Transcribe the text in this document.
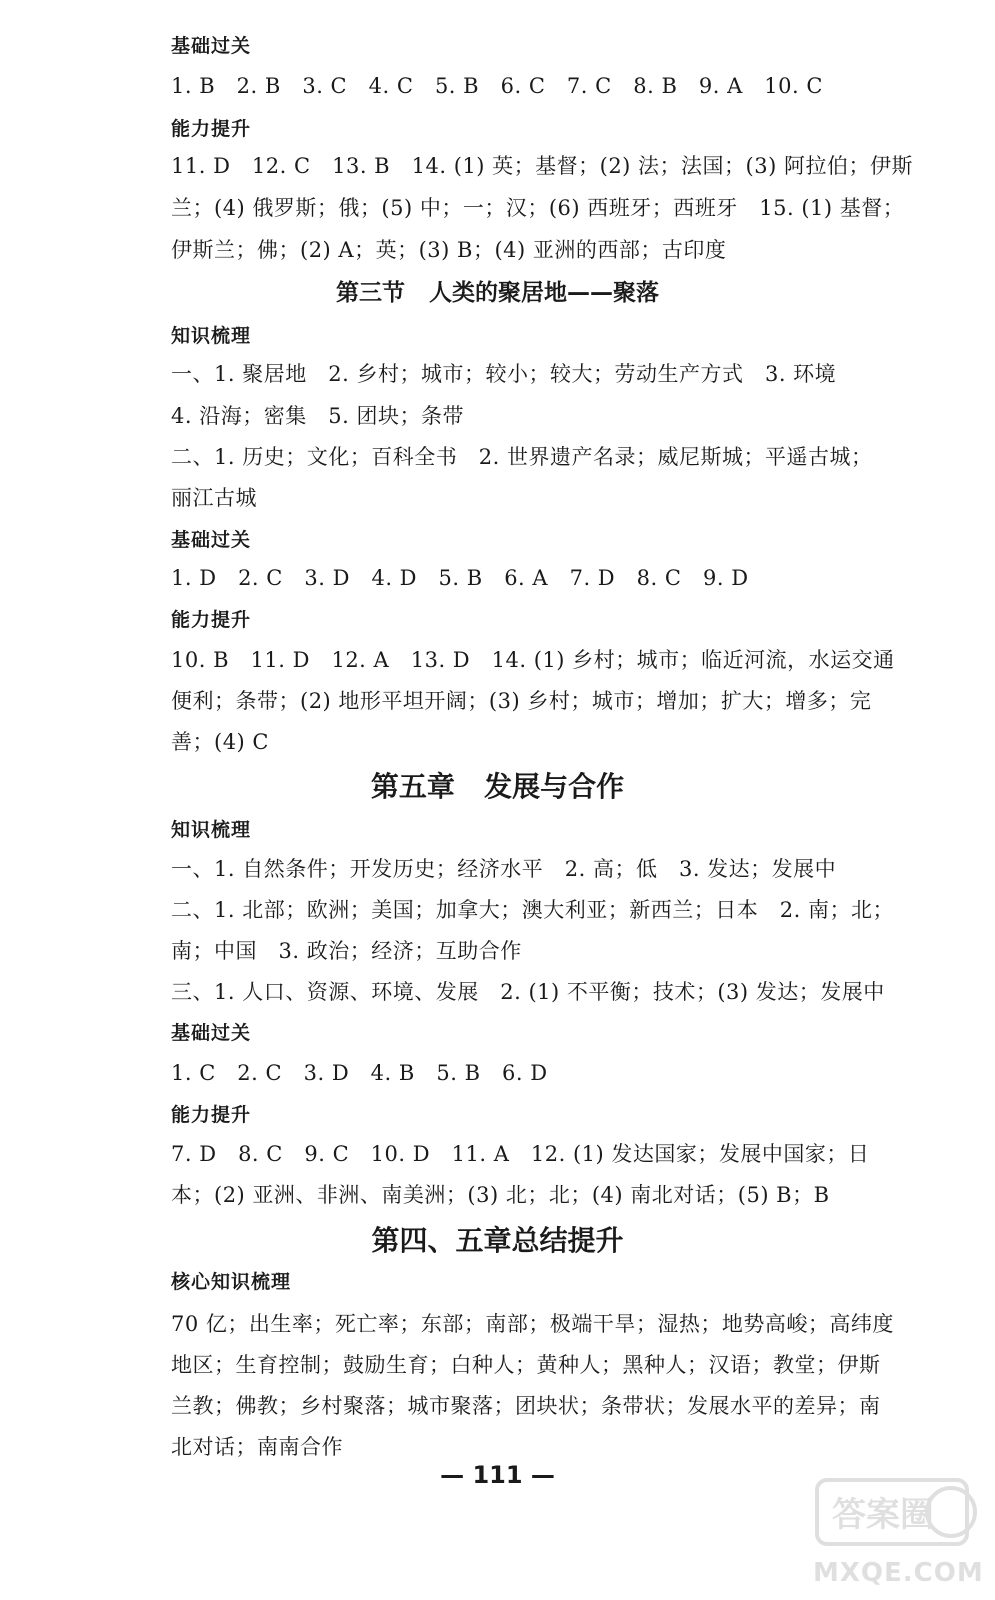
基础过关
1. B   2. B   3. C   4. C   5. B   6. C   7. C   8. B   9. A   10. C
能力提升
11. D   12. C   13. B   14. (1) 英；基督；(2) 法；法国；(3) 阿拉伯；伊斯
兰；(4) 俄罗斯；俄；(5) 中；一；汉；(6) 西班牙；西班牙   15. (1) 基督；
伊斯兰；佛；(2) A；英；(3) B；(4) 亚洲的西部；古印度
第三节   人类的聚居地——聚落
知识梳理
一、1. 聚居地   2. 乡村；城市；较小；较大；劳动生产方式   3. 环境
4. 沿海；密集   5. 团块；条带
二、1. 历史；文化；百科全书   2. 世界遗产名录；威尼斯城；平遥古城；
丽江古城
基础过关
1. D   2. C   3. D   4. D   5. B   6. A   7. D   8. C   9. D
能力提升
10. B   11. D   12. A   13. D   14. (1) 乡村；城市；临近河流，水运交通
便利；条带；(2) 地形平坦开阔；(3) 乡村；城市；增加；扩大；增多；完
善；(4) C
第五章   发展与合作
知识梳理
一、1. 自然条件；开发历史；经济水平   2. 高；低   3. 发达；发展中
二、1. 北部；欧洲；美国；加拿大；澳大利亚；新西兰；日本   2. 南；北；
南；中国   3. 政治；经济；互助合作
三、1. 人口、资源、环境、发展   2. (1) 不平衡；技术；(3) 发达；发展中
基础过关
1. C   2. C   3. D   4. B   5. B   6. D
能力提升
7. D   8. C   9. C   10. D   11. A   12. (1) 发达国家；发展中国家；日
本；(2) 亚洲、非洲、南美洲；(3) 北；北；(4) 南北对话；(5) B；B
第四、五章总结提升
核心知识梳理
70 亿；出生率；死亡率；东部；南部；极端干旱；湿热；地势高峻；高纬度
地区；生育控制；鼓励生育；白种人；黄种人；黑种人；汉语；教堂；伊斯
兰教；佛教；乡村聚落；城市聚落；团块状；条带状；发展水平的差异；南
北对话；南南合作
— 111 —
答案圈
MXQE.COM
